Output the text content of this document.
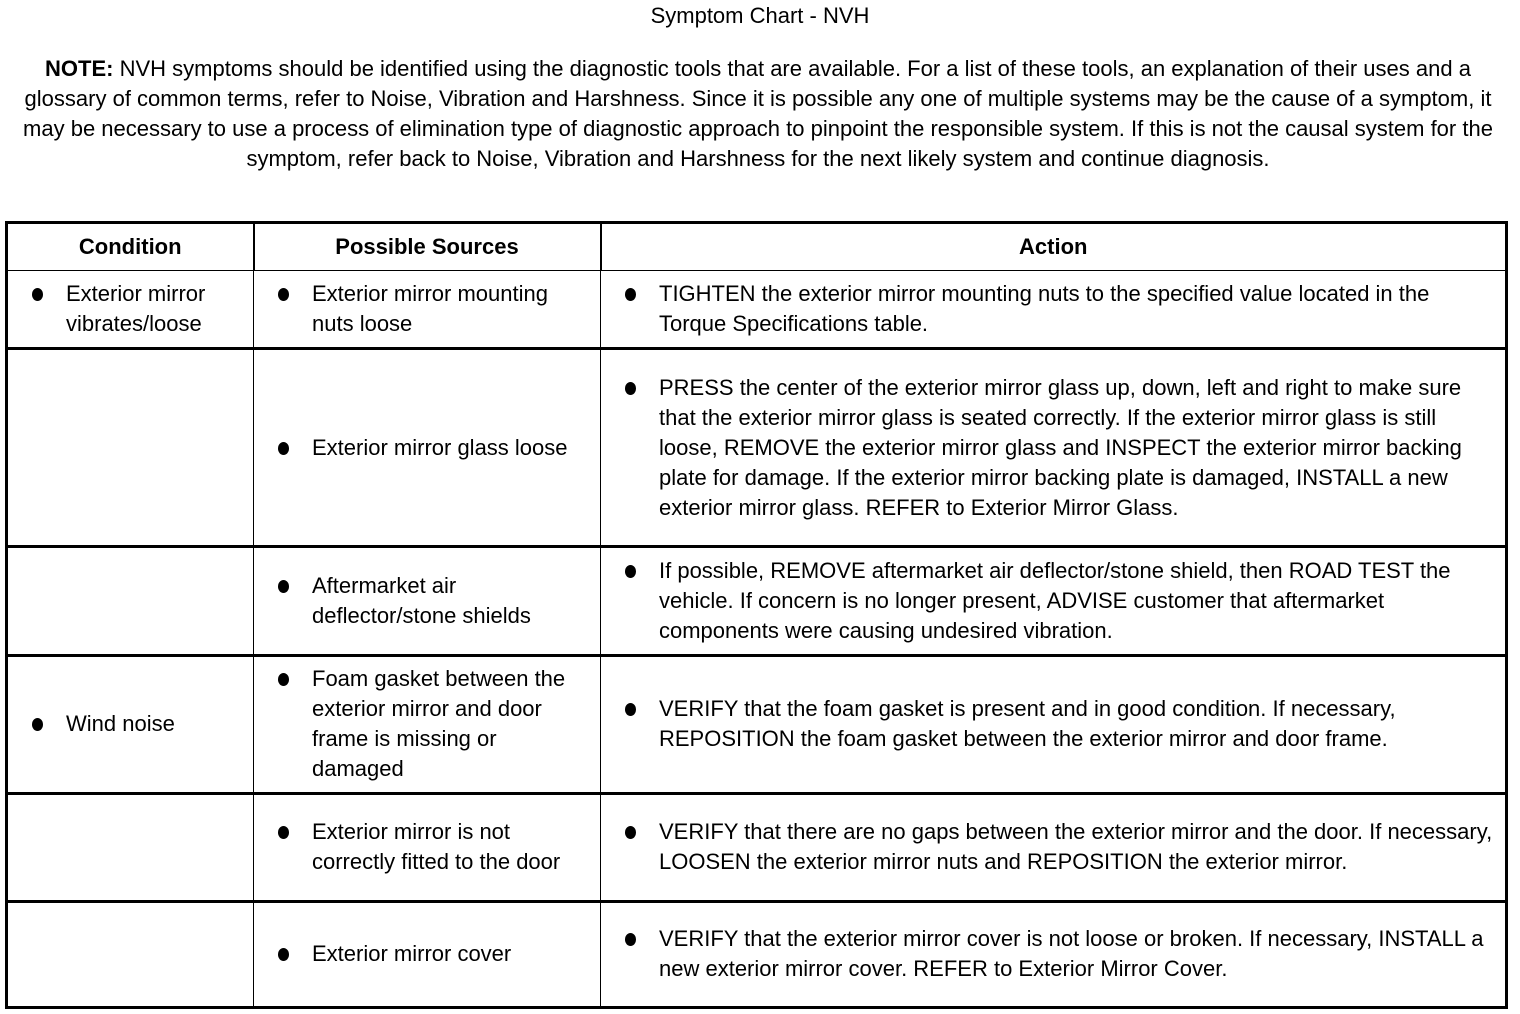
Symptom Chart - NVH
NOTE: NVH symptoms should be identified using the diagnostic tools that are available. For a list of these tools, an explanation of their uses and a glossary of common terms, refer to Noise, Vibration and Harshness. Since it is possible any one of multiple systems may be the cause of a symptom, it may be necessary to use a process of elimination type of diagnostic approach to pinpoint the responsible system. If this is not the causal system for the symptom, refer back to Noise, Vibration and Harshness for the next likely system and continue diagnosis.
Condition	Possible Sources	Action

Exterior mirror vibrates/loose	Exterior mirror mounting nuts loose	TIGHTEN the exterior mirror mounting nuts to the specified value located in the Torque Specifications table.

	Exterior mirror glass loose	PRESS the center of the exterior mirror glass up, down, left and right to make sure that the exterior mirror glass is seated correctly. If the exterior mirror glass is still loose, REMOVE the exterior mirror glass and INSPECT the exterior mirror backing plate for damage. If the exterior mirror backing plate is damaged, INSTALL a new exterior mirror glass. REFER to Exterior Mirror Glass.

	Aftermarket air deflector/stone shields	If possible, REMOVE aftermarket air deflector/stone shield, then ROAD TEST the vehicle. If concern is no longer present, ADVISE customer that aftermarket components were causing undesired vibration.

Wind noise	Foam gasket between the exterior mirror and door frame is missing or damaged	VERIFY that the foam gasket is present and in good condition. If necessary, REPOSITION the foam gasket between the exterior mirror and door frame.

	Exterior mirror is not correctly fitted to the door	VERIFY that there are no gaps between the exterior mirror and the door. If necessary, LOOSEN the exterior mirror nuts and REPOSITION the exterior mirror.

	Exterior mirror cover	VERIFY that the exterior mirror cover is not loose or broken. If necessary, INSTALL a new exterior mirror cover. REFER to Exterior Mirror Cover.
